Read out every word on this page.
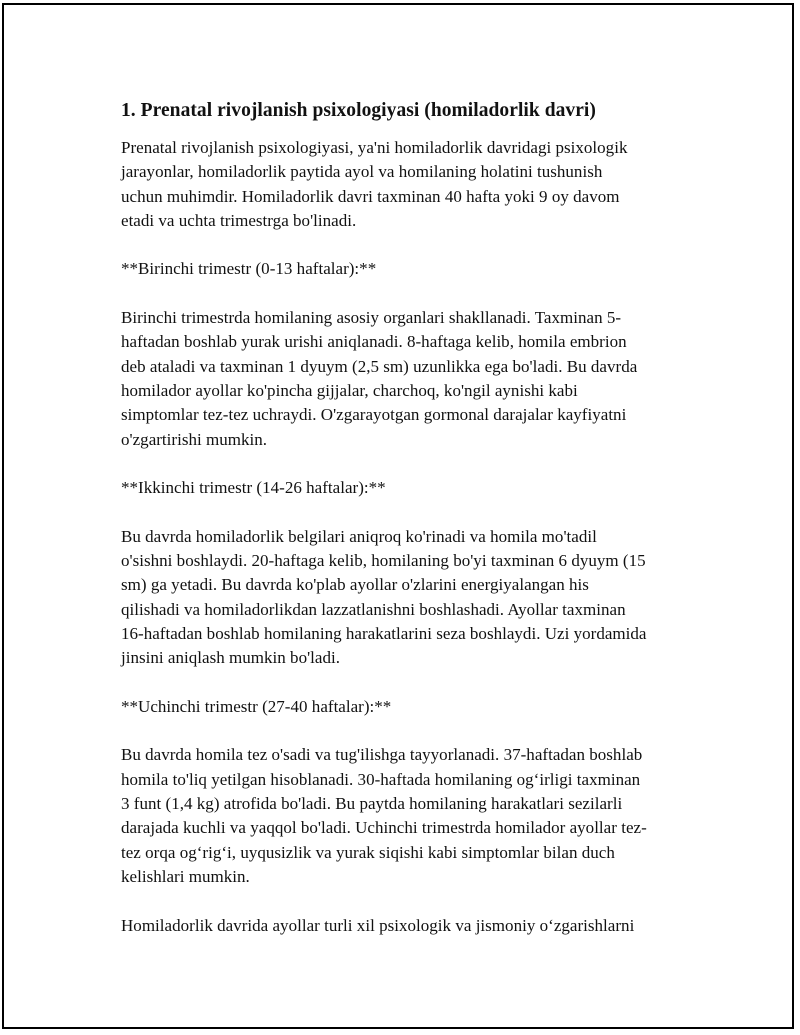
1. Prenatal rivojlanish psixologiyasi (homiladorlik davri)

Prenatal rivojlanish psixologiyasi, ya'ni homiladorlik davridagi psixologik
jarayonlar, homiladorlik paytida ayol va homilaning holatini tushunish
uchun muhimdir. Homiladorlik davri taxminan 40 hafta yoki 9 oy davom
etadi va uchta trimestrga bo'linadi.

**Birinchi trimestr (0-13 haftalar):**

Birinchi trimestrda homilaning asosiy organlari shakllanadi. Taxminan 5-
haftadan boshlab yurak urishi aniqlanadi. 8-haftaga kelib, homila embrion
deb ataladi va taxminan 1 dyuym (2,5 sm) uzunlikka ega bo'ladi. Bu davrda
homilador ayollar ko'pincha gijjalar, charchoq, ko'ngil aynishi kabi
simptomlar tez-tez uchraydi. O'zgarayotgan gormonal darajalar kayfiyatni
o'zgartirishi mumkin.

**Ikkinchi trimestr (14-26 haftalar):**

Bu davrda homiladorlik belgilari aniqroq ko'rinadi va homila mo'tadil
o'sishni boshlaydi. 20-haftaga kelib, homilaning bo'yi taxminan 6 dyuym (15
sm) ga yetadi. Bu davrda ko'plab ayollar o'zlarini energiyalangan his
qilishadi va homiladorlikdan lazzatlanishni boshlashadi. Ayollar taxminan
16-haftadan boshlab homilaning harakatlarini seza boshlaydi. Uzi yordamida
jinsini aniqlash mumkin bo'ladi.

**Uchinchi trimestr (27-40 haftalar):**

Bu davrda homila tez o'sadi va tug'ilishga tayyorlanadi. 37-haftadan boshlab
homila to'liq yetilgan hisoblanadi. 30-haftada homilaning og‘irligi taxminan
3 funt (1,4 kg) atrofida bo'ladi. Bu paytda homilaning harakatlari sezilarli
darajada kuchli va yaqqol bo'ladi. Uchinchi trimestrda homilador ayollar tez-
tez orqa og‘rig‘i, uyqusizlik va yurak siqishi kabi simptomlar bilan duch
kelishlari mumkin.

Homiladorlik davrida ayollar turli xil psixologik va jismoniy o‘zgarishlarni
